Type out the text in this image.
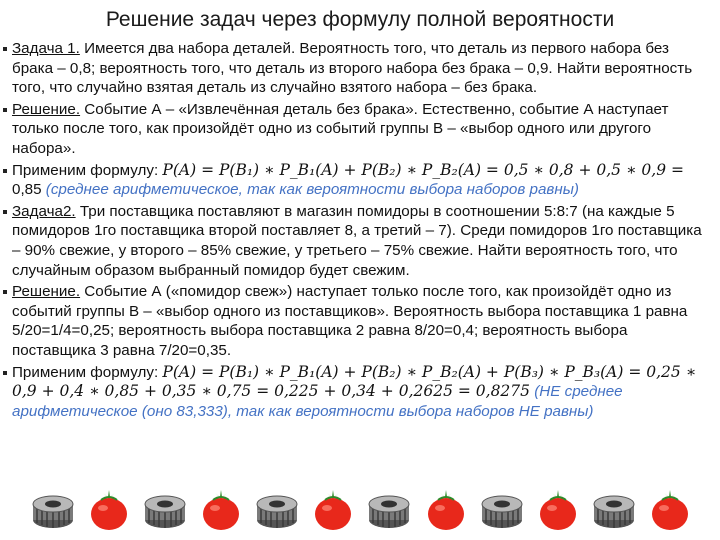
Решение задач через формулу полной вероятности

Задача 1. Имеется два набора деталей. Вероятность того, что деталь из первого набора без брака – 0,8; вероятность того, что деталь из второго набора без брака – 0,9. Найти вероятность того, что случайно взятая деталь из случайно взятого набора – без брака.

Решение. Событие А – «Извлечённая деталь без брака». Естественно, событие А наступает только после того, как произойдёт одно из событий группы В – «выбор одного или другого набора».

Применим формулу: P(A) = P(B₁) ∗ P_B₁(A) + P(B₂) ∗ P_B₂(A) = 0,5 ∗ 0,8 + 0,5 ∗ 0,9 = 0,85 (среднее арифметическое, так как вероятности выбора наборов равны)

Задача2. Три поставщика поставляют в магазин помидоры в соотношении 5:8:7 (на каждые 5 помидоров 1го поставщика второй поставляет 8, а третий – 7). Среди помидоров 1го поставщика – 90% свежие, у второго – 85% свежие, у третьего – 75% свежие. Найти вероятность того, что случайным образом выбранный помидор будет свежим.

Решение. Событие А («помидор свеж») наступает только после того, как произойдёт одно из событий группы В – «выбор одного из поставщиков». Вероятность выбора поставщика 1 равна 5/20=1/4=0,25; вероятность выбора поставщика 2 равна 8/20=0,4; вероятность выбора поставщика 3 равна 7/20=0,35.

Применим формулу: P(A) = P(B₁) ∗ P_B₁(A) + P(B₂) ∗ P_B₂(A) + P(B₃) ∗ P_B₃(A) = 0,25 ∗ 0,9 + 0,4 ∗ 0,85 + 0,35 ∗ 0,75 = 0,225 + 0,34 + 0,2625 = 0,8275 (НЕ среднее арифметическое (оно 83,333), так как вероятности выбора наборов НЕ равны)
